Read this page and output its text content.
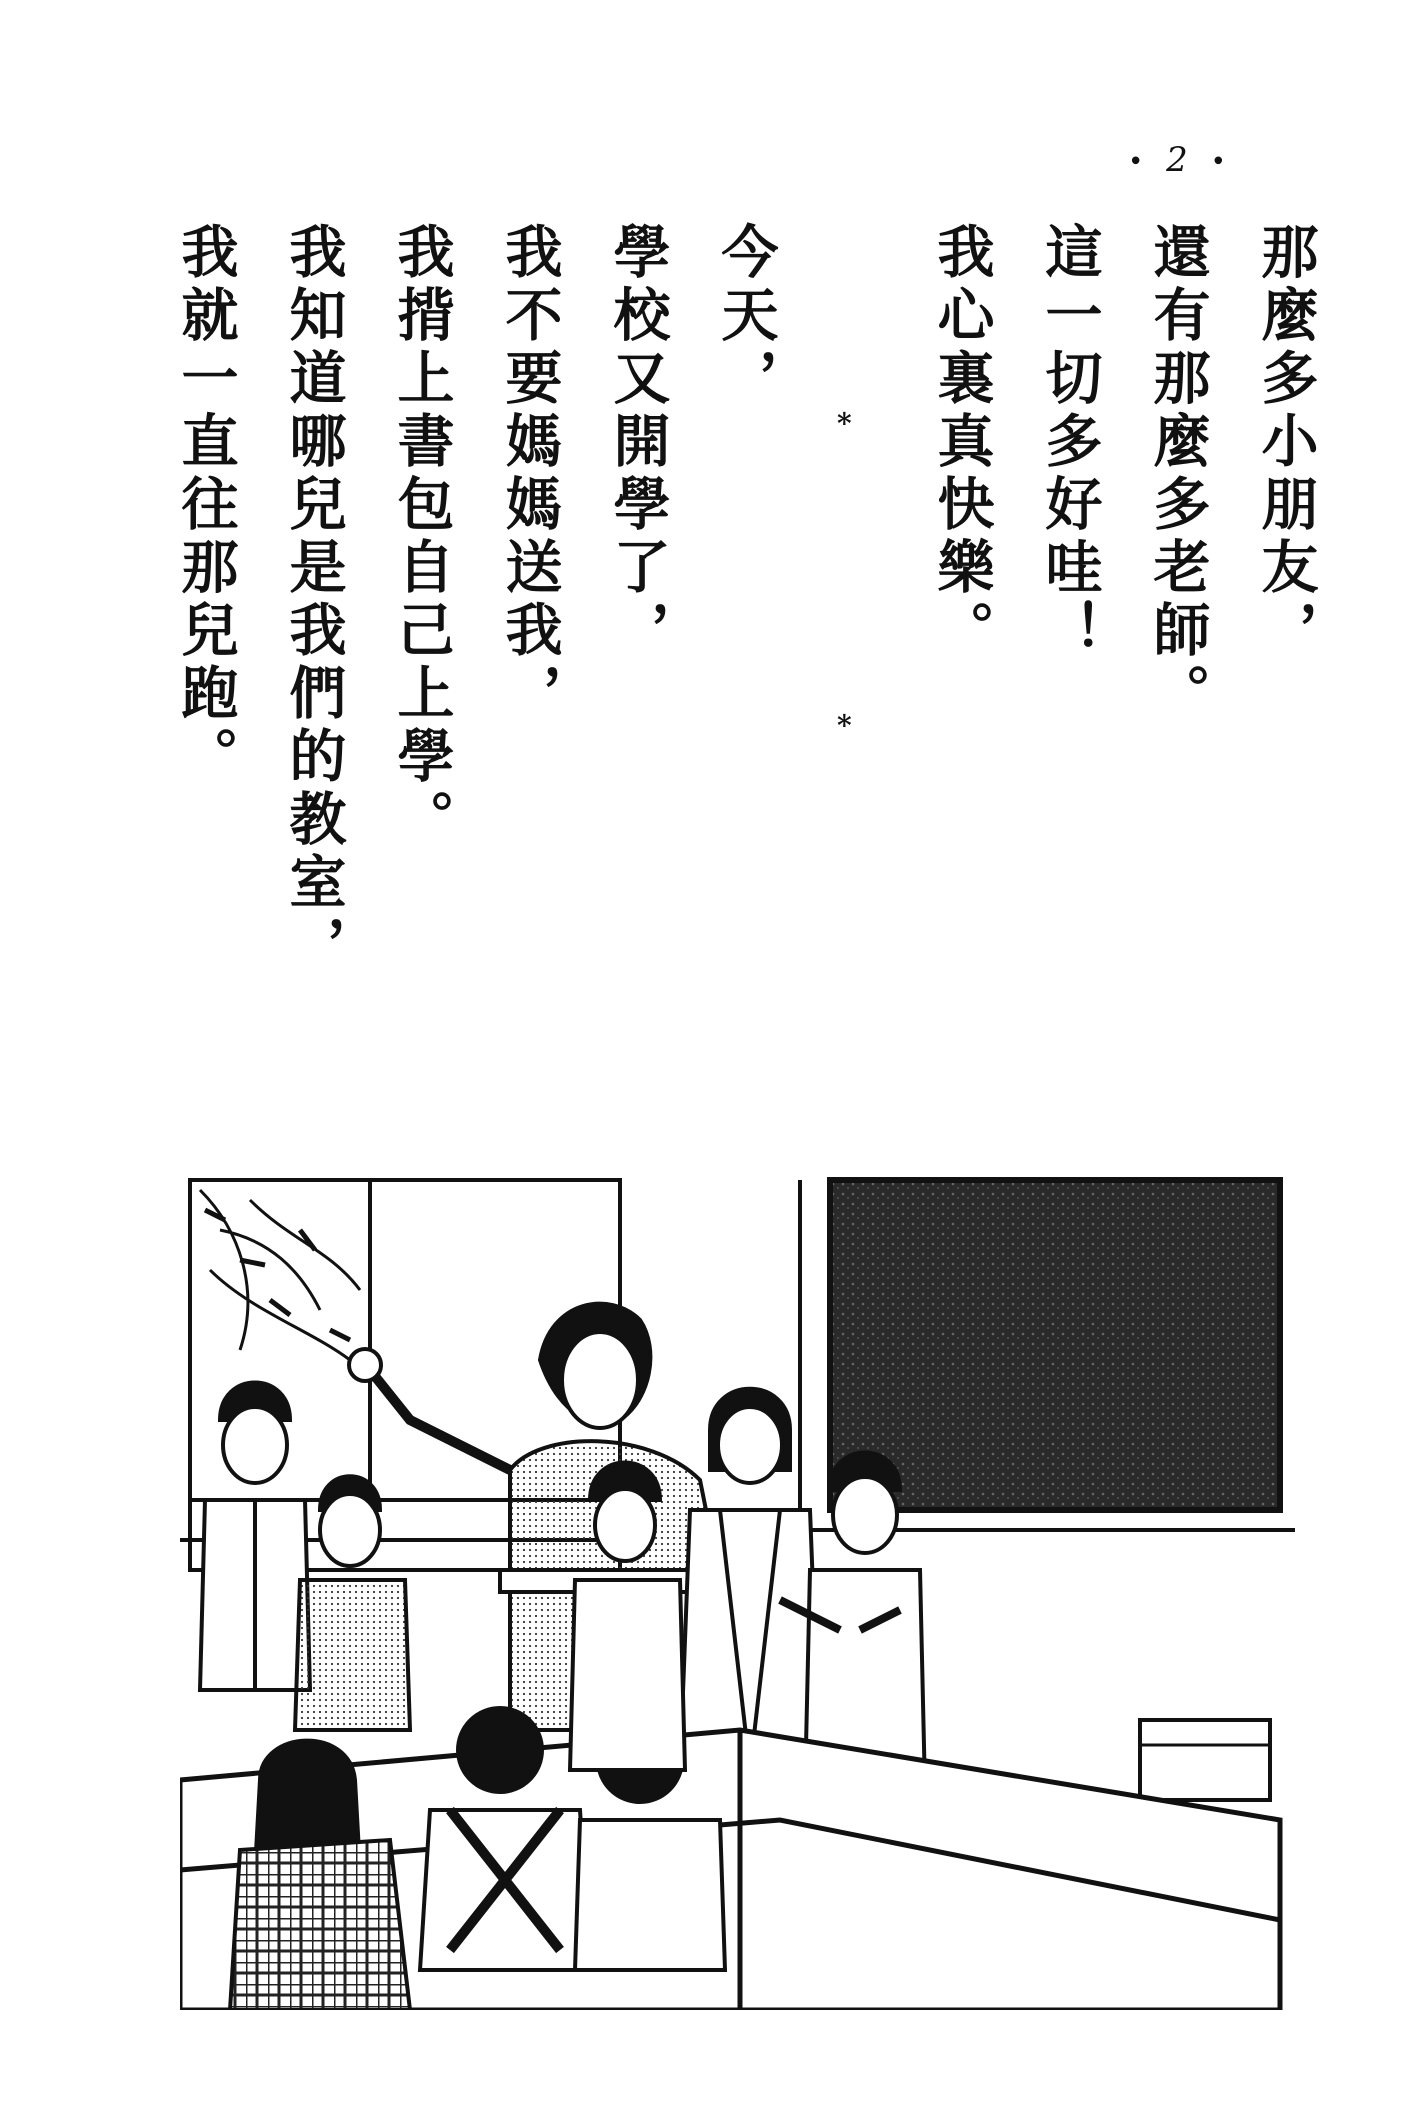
• 2 •
那麼多小朋友，
還有那麼多老師。
這一切多好哇！
我心裏真快樂。
*
*
今天，
學校又開學了，
我不要媽媽送我，
我揹上書包自己上學。
我知道哪兒是我們的教室，
我就一直往那兒跑。
